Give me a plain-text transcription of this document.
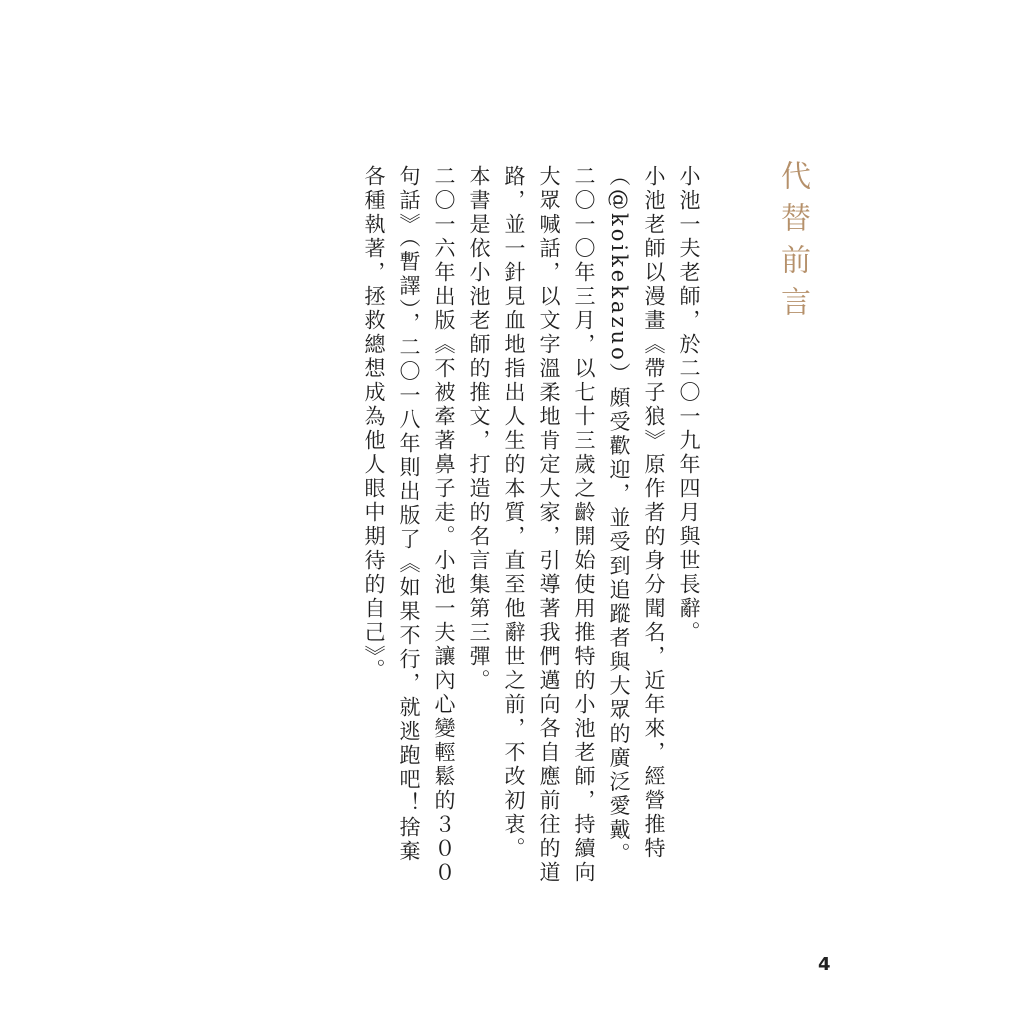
代替前言

小池一夫老師，於二〇一九年四月與世長辭。

小池老師以漫畫《帶子狼》原作者的身分聞名，近年來，經營推特（@koikekazuo）頗受歡迎，並受到追蹤者與大眾的廣泛愛戴。

二〇一〇年三月，以七十三歲之齡開始使用推特的小池老師，持續向大眾喊話，以文字溫柔地肯定大家，引導著我們邁向各自應前往的道路，並一針見血地指出人生的本質，直至他辭世之前，不改初衷。

本書是依小池老師的推文，打造的名言集第三彈。

二〇一六年出版《不被牽著鼻子走。小池一夫讓內心變輕鬆的３００句話》（暫譯），二〇一八年則出版了《如果不行，就逃跑吧！捨棄各種執著，拯救總想成為他人眼中期待的自己》。

4
